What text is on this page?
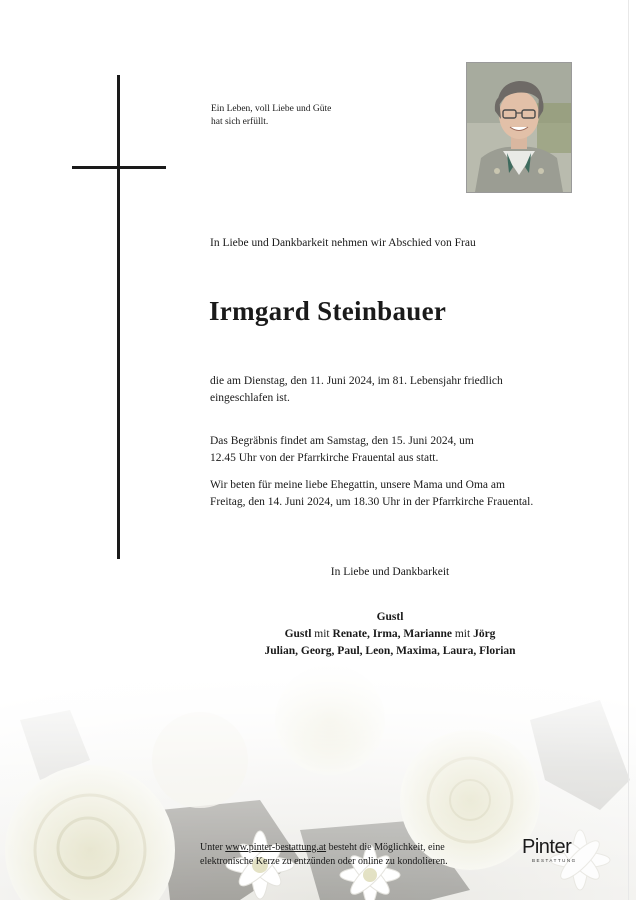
Ein Leben, voll Liebe und Güte
hat sich erfüllt.
In Liebe und Dankbarkeit nehmen wir Abschied von Frau
Irmgard Steinbauer
die am Dienstag, den 11. Juni 2024, im 81. Lebensjahr friedlich
eingeschlafen ist.
Das Begräbnis findet am Samstag, den 15. Juni 2024, um
12.45 Uhr von der Pfarrkirche Frauental aus statt.
Wir beten für meine liebe Ehegattin, unsere Mama und Oma am
Freitag, den 14. Juni 2024, um 18.30 Uhr in der Pfarrkirche Frauental.
In Liebe und Dankbarkeit
Gustl
Gustl mit Renate, Irma, Marianne mit Jörg
Julian, Georg, Paul, Leon, Maxima, Laura, Florian
Unter www.pinter-bestattung.at besteht die Möglichkeit, eine
elektronische Kerze zu entzünden oder online zu kondolieren.
Pinter
BESTATTUNG
